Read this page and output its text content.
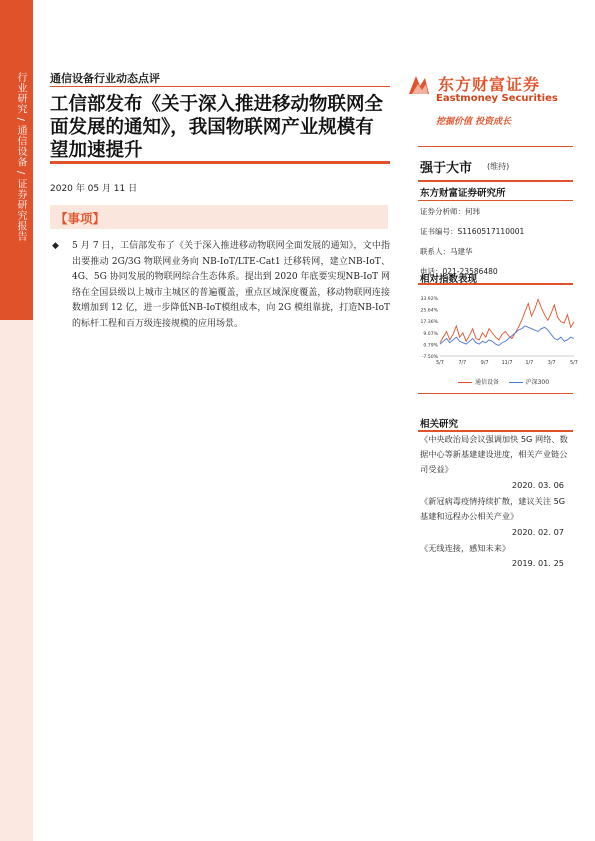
行业研究 / 通信设备 / 证券研究报告 通信设备行业动态点评
工信部发布《关于深入推进移动物联网全面发展的通知》，我国物联网产业规模有望加速提升
2020 年 05 月 11 日
【事项】
◆ 5 月 7 日，工信部发布了《关于深入推进移动物联网全面发展的通知》，文中指出要推动 2G/3G 物联网业务向 NB-IoT/LTE-Cat1 迁移转网，建立NB-IoT、4G、5G 协同发展的物联网综合生态体系。提出到 2020 年底要实现NB-IoT 网络在全国县级以上城市主城区的普遍覆盖，重点区域深度覆盖，移动物联网连接数增加到 12 亿，进一步降低NB-IoT模组成本，向 2G 模组靠拢，打造NB-IoT的标杆工程和百万级连接规模的应用场景。
东方财富证券
Eastmoney Securities
挖掘价值 投资成长
强于大市 (维持)
东方财富证券研究所
证券分析师：何玮
证书编号：S1160517110001
联系人：马建华
电话：021-23586480
相对指数表现
33.92%
25.64%
17.36%
9.07%
0.79%
-7.50%
5/7	7/7	9/7	11/7	1/7	3/7	5/7
通信设备	沪深300
相关研究
《中央政治局会议强调加快 5G 网络、数据中心等新基建建设进度，相关产业链公司受益》
2020. 03. 06
《新冠病毒疫情持续扩散，建议关注 5G 基建和远程办公相关产业》
2020. 02. 07
《无线连接，感知未来》
2019. 01. 25
